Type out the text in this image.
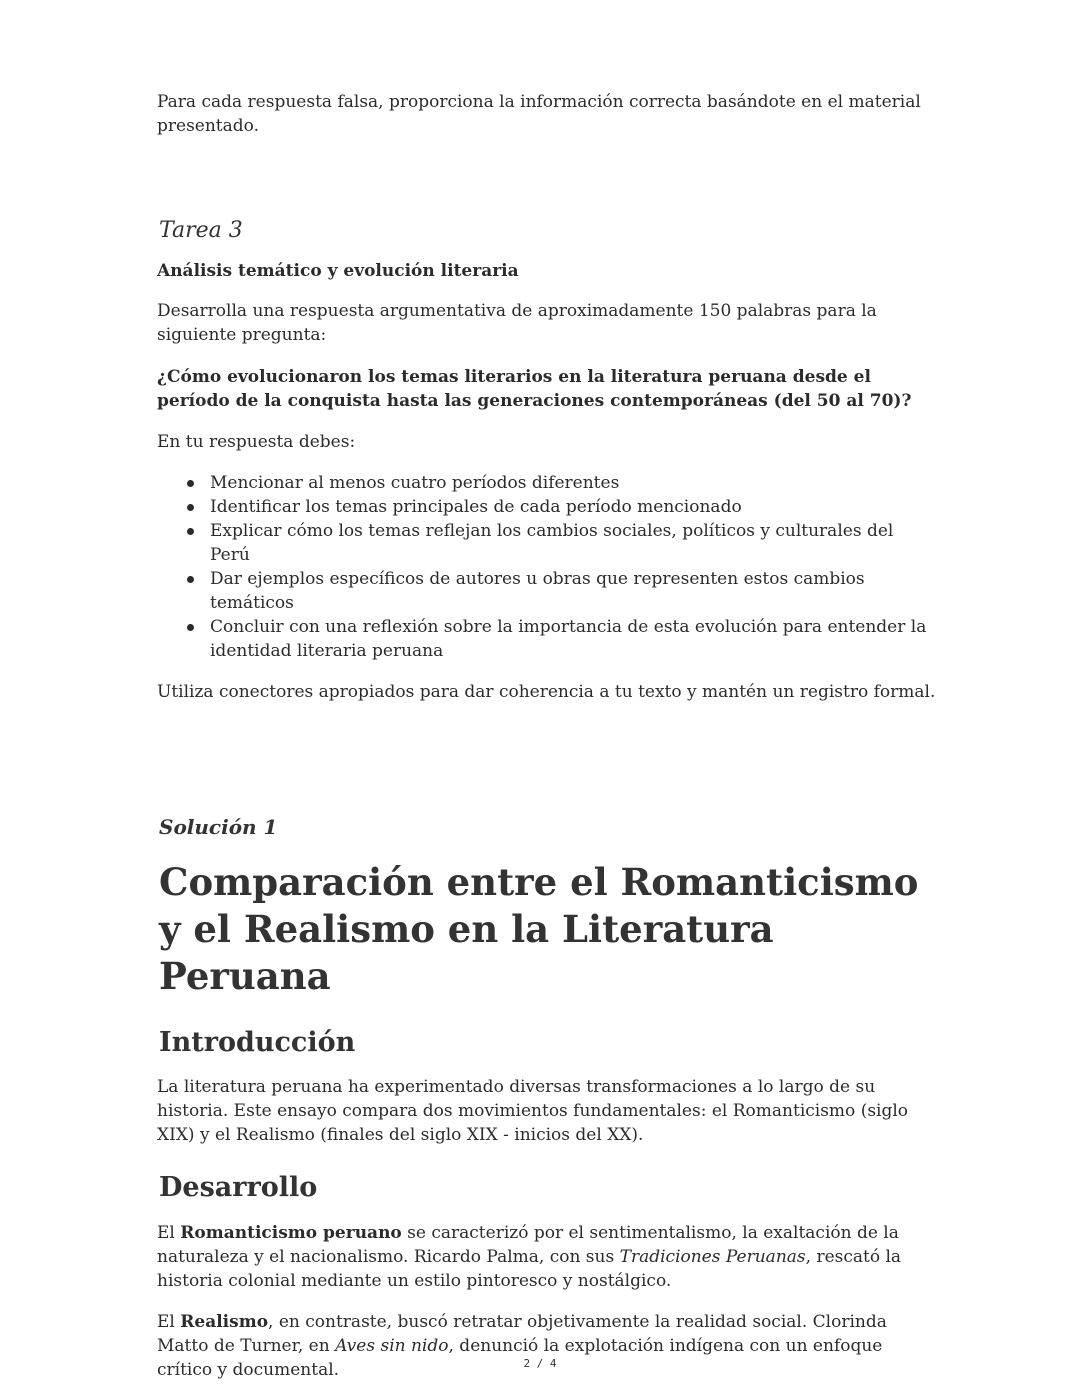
Para cada respuesta falsa, proporciona la información correcta basándote en el material presentado.

Tarea 3

Análisis temático y evolución literaria

Desarrolla una respuesta argumentativa de aproximadamente 150 palabras para la siguiente pregunta:

¿Cómo evolucionaron los temas literarios en la literatura peruana desde el período de la conquista hasta las generaciones contemporáneas (del 50 al 70)?

En tu respuesta debes:

Mencionar al menos cuatro períodos diferentes
Identificar los temas principales de cada período mencionado
Explicar cómo los temas reflejan los cambios sociales, políticos y culturales del Perú
Dar ejemplos específicos de autores u obras que representen estos cambios temáticos
Concluir con una reflexión sobre la importancia de esta evolución para entender la identidad literaria peruana

Utiliza conectores apropiados para dar coherencia a tu texto y mantén un registro formal.

Solución 1
Comparación entre el Romanticismo y el Realismo en la Literatura Peruana
Introducción

La literatura peruana ha experimentado diversas transformaciones a lo largo de su historia. Este ensayo compara dos movimientos fundamentales: el Romanticismo (siglo XIX) y el Realismo (finales del siglo XIX - inicios del XX).

Desarrollo

El Romanticismo peruano se caracterizó por el sentimentalismo, la exaltación de la naturaleza y el nacionalismo. Ricardo Palma, con sus Tradiciones Peruanas, rescató la historia colonial mediante un estilo pintoresco y nostálgico.

El Realismo, en contraste, buscó retratar objetivamente la realidad social. Clorinda Matto de Turner, en Aves sin nido, denunció la explotación indígena con un enfoque crítico y documental.	2 / 4
